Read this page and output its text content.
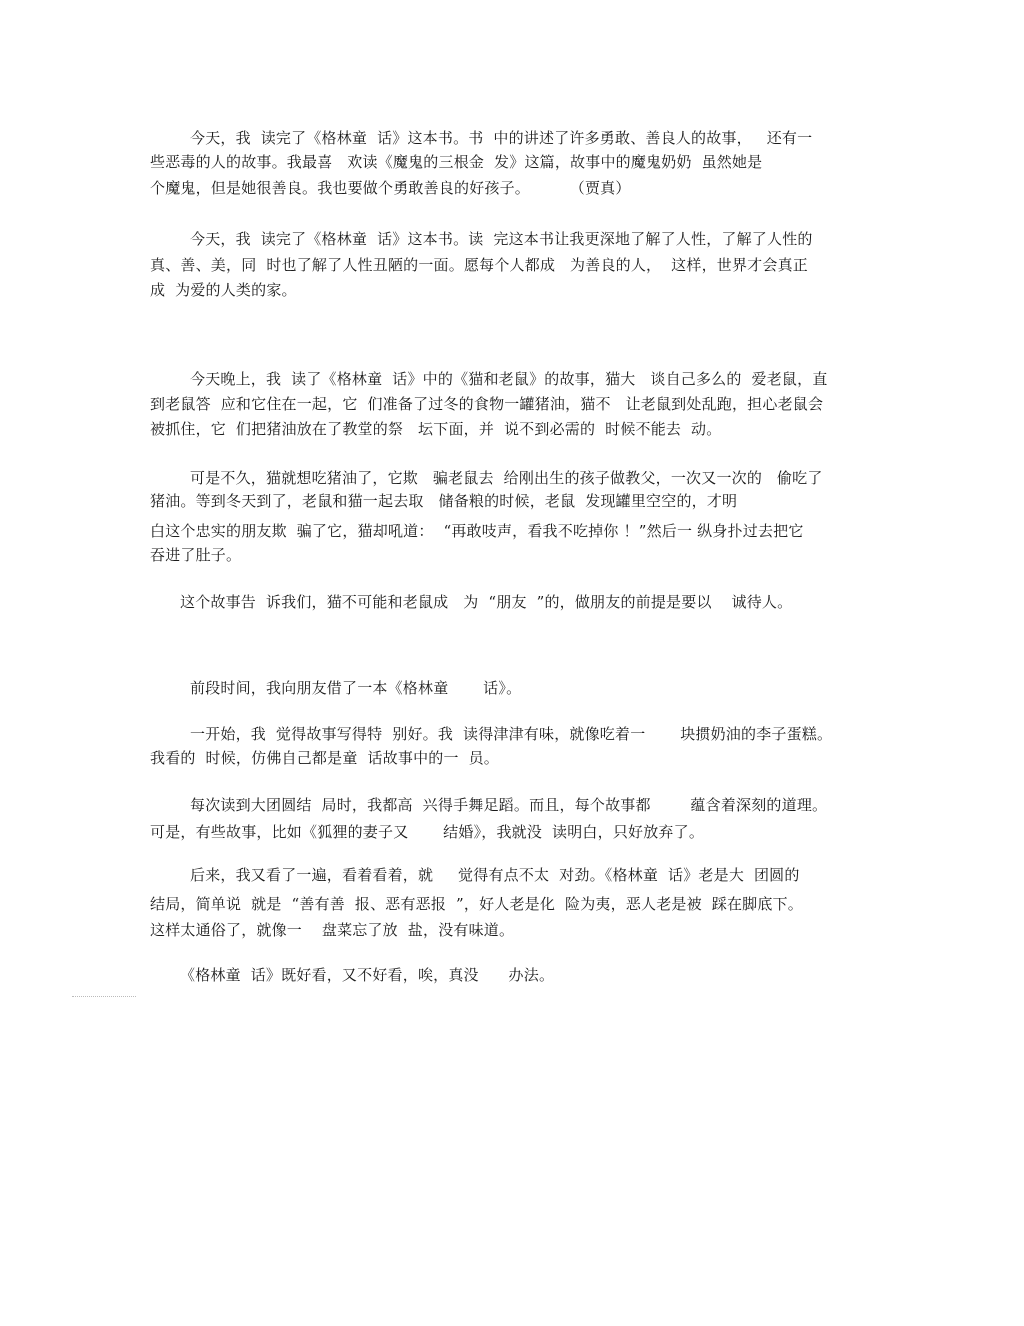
今天，我  读完了《格林童  话》这本书。书  中的讲述了许多勇敢、善良人的故事，   还有一
些恶毒的人的故事。我最喜   欢读《魔鬼的三根金  发》这篇，故事中的魔鬼奶奶  虽然她是
个魔鬼，但是她很善良。我也要做个勇敢善良的好孩子。        （贾真）
今天，我  读完了《格林童  话》这本书。读  完这本书让我更深地了解了人性，了解了人性的
真、善、美，同  时也了解了人性丑陋的一面。愿每个人都成   为善良的人，  这样，世界才会真正
成  为爱的人类的家。
今天晚上，我  读了《格林童  话》中的《猫和老鼠》的故事，猫大   谈自己多么的  爱老鼠，直
到老鼠答  应和它住在一起，它  们准备了过冬的食物一罐猪油，猫不   让老鼠到处乱跑，担心老鼠会
被抓住，它  们把猪油放在了教堂的祭   坛下面，并  说不到必需的  时候不能去  动。
可是不久，猫就想吃猪油了，它欺   骗老鼠去  给刚出生的孩子做教父，一次又一次的   偷吃了
猪油。等到冬天到了，老鼠和猫一起去取   储备粮的时候，老鼠  发现罐里空空的，才明
白这个忠实的朋友欺  骗了它，猫却吼道：  “再敢吱声，看我不吃掉你 ！”然后一 纵身扑过去把它
吞进了肚子。
这个故事告  诉我们，猫不可能和老鼠成   为  “朋友  ”的，做朋友的前提是要以    诚待人。
前段时间，我向朋友借了一本《格林童       话》。
一开始，我  觉得故事写得特  别好。我  读得津津有味，就像吃着一       块掼奶油的李子蛋糕。
我看的  时候，仿佛自己都是童  话故事中的一  员。
每次读到大团圆结  局时，我都高  兴得手舞足蹈。而且，每个故事都        蕴含着深刻的道理。
可是，有些故事，比如《狐狸的妻子又       结婚》，我就没  读明白，只好放弃了。
后来，我又看了一遍，看着看着，就     觉得有点不太  对劲。《格林童  话》老是大  团圆的
结局，简单说  就是  “善有善  报、恶有恶报  ”，好人老是化  险为夷，恶人老是被  踩在脚底下。
这样太通俗了，就像一    盘菜忘了放  盐，没有味道。
《格林童  话》既好看，又不好看，唉，真没      办法。
